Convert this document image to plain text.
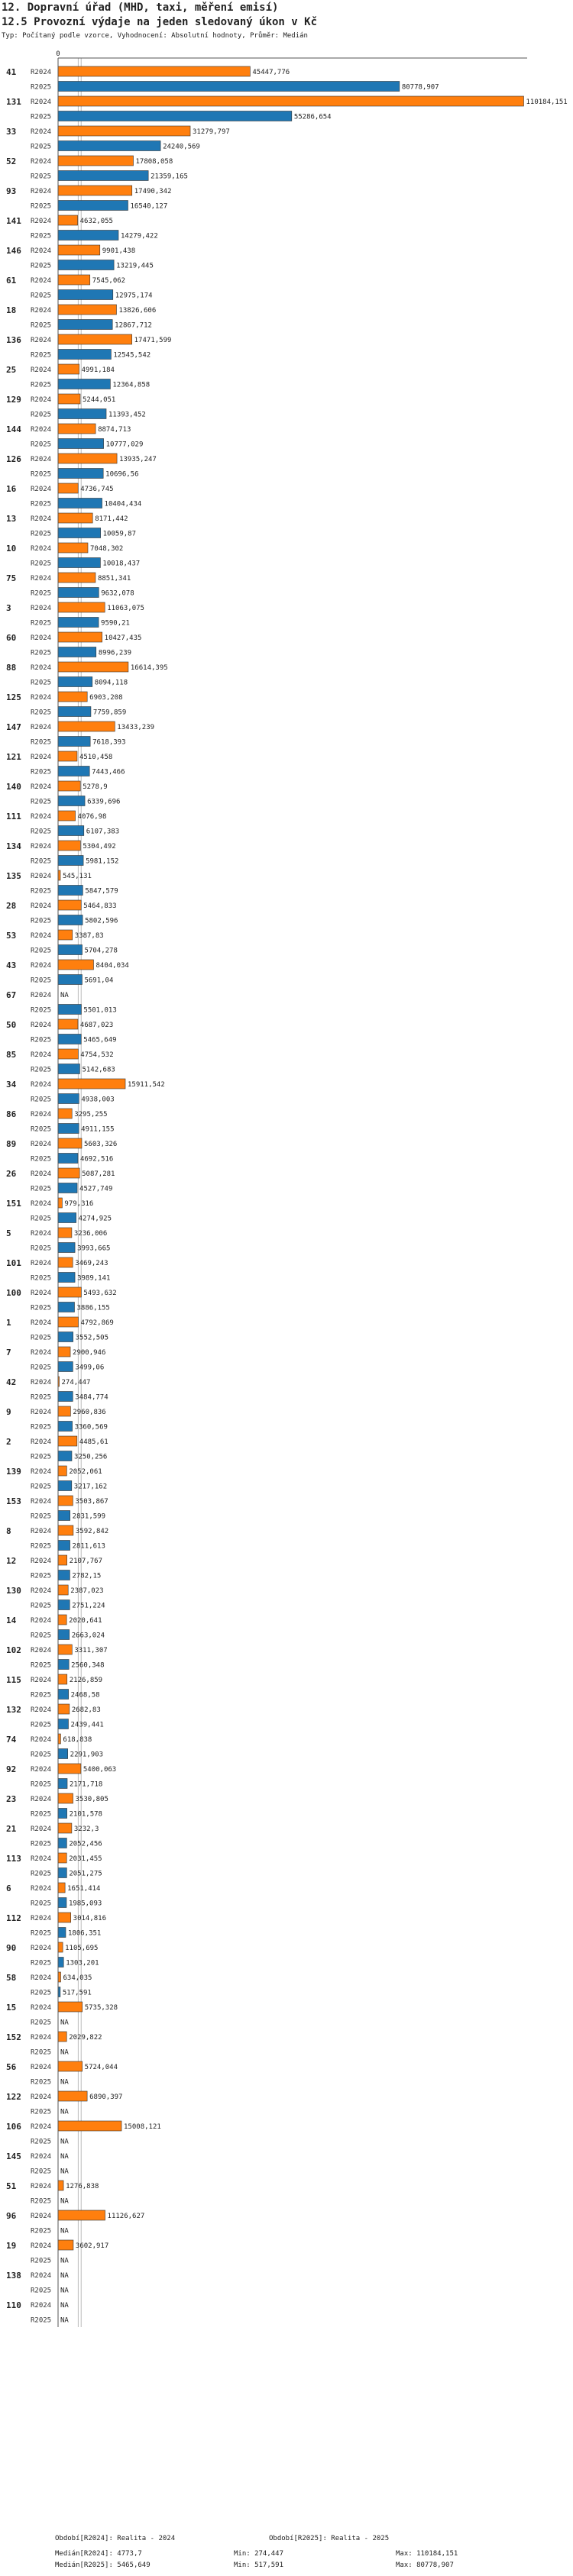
12. Dopravní úřad (MHD, taxi, měření emisí)
12.5 Provozní výdaje na jeden sledovaný úkon v Kč
Typ: Počítaný podle vzorce, Vyhodnocení: Absolutní hodnoty, Průměr: Medián
0
41 R2024	45447,776
R2025	80778,907
131 R2024	110184,151
R2025	55286,654
33 R2024	31279,797
R2025	24240,569
52 R2024	17808,058
R2025	21359,165
93 R2024	17490,342
R2025	16540,127
141 R2024	4632,055
R2025	14279,422
146 R2024	9901,438
R2025	13219,445
61 R2024	7545,062
R2025	12975,174
18 R2024	13826,606
R2025	12867,712
136 R2024	17471,599
R2025	12545,542
25 R2024	4991,184
R2025	12364,858
129 R2024	5244,051
R2025	11393,452
144 R2024	8874,713
R2025	10777,029
126 R2024	13935,247
R2025	10696,56
16 R2024	4736,745
R2025	10404,434
13 R2024	8171,442
R2025	10059,87
10 R2024	7048,302
R2025	10018,437
75 R2024	8851,341
R2025	9632,078
3	R2024	11063,075
R2025	9590,21
60 R2024	10427,435
R2025	8996,239
88 R2024	16614,395
R2025	8094,118
125 R2024	6903,208
R2025	7759,859
147 R2024	13433,239
R2025	7618,393
121 R2024	4510,458
R2025	7443,466
140 R2024	5278,9
R2025	6339,696
111 R2024	4076,98
R2025	6107,383
134 R2024	5304,492
R2025	5981,152
135 R2024 545,131
R2025	5847,579
28 R2024	5464,833
R2025	5802,596
53 R2024	3387,83
R2025	5704,278
43 R2024	8404,034
R2025	5691,04
67 R2024 NA
R2025	5501,013
50 R2024	4687,023
R2025	5465,649
85 R2024	4754,532
R2025	5142,683
34 R2024	15911,542
R2025	4938,003
86 R2024	3295,255
R2025	4911,155
89 R2024	5603,326
R2025	4692,516
26 R2024	5087,281
R2025	4527,749
151 R2024 979,316
R2025	4274,925
5	R2024	3236,006
R2025	3993,665
101 R2024	3469,243
R2025	3989,141
100 R2024	5493,632
R2025	3886,155
1	R2024	4792,869
R2025	3552,505
7	R2024	2900,946
R2025	3499,06
42 R2024 274,447
R2025	3484,774
9	R2024	2960,836
R2025	3360,569
2	R2024	4485,61
R2025	3250,256
139 R2024	2052,061
R2025	3217,162
153 R2024	3503,867
R2025	2831,599
8	R2024	3592,842
R2025	2811,613
12 R2024	2107,767
R2025	2782,15
130 R2024	2387,023
R2025	2751,224
14 R2024	2020,641
R2025	2663,024
102 R2024	3311,307
R2025	2560,348
115 R2024	2126,859
R2025	2468,58
132 R2024	2682,83
R2025	2439,441
74 R2024 618,838
R2025	2291,903
92 R2024	5400,063
R2025	2171,718
23 R2024	3530,805
R2025	2101,578
21 R2024	3232,3
R2025	2052,456
113 R2024	2031,455
R2025	2051,275
6	R2024 1651,414
R2025	1985,093
112 R2024	3014,816
R2025 1806,351
90 R2024 1105,695
R2025 1303,201
58 R2024 634,035
R2025 517,591
15 R2024	5735,328
R2025 NA
152 R2024	2029,822
R2025 NA
56 R2024	5724,044
R2025 NA
122 R2024	6890,397
R2025 NA
106 R2024	15008,121
R2025 NA
145 R2024 NA
R2025 NA
51 R2024 1276,838
R2025 NA
96 R2024	11126,627
R2025 NA
19 R2024	3602,917
R2025 NA
138 R2024 NA
R2025 NA
110 R2024 NA
R2025 NA
Období[R2024]: Realita - 2024	Období[R2025]: Realita - 2025
Medián[R2024]: 4773,7	Min: 274,447	Max: 110184,151
Medián[R2025]: 5465,649	Min: 517,591	Max: 80778,907
